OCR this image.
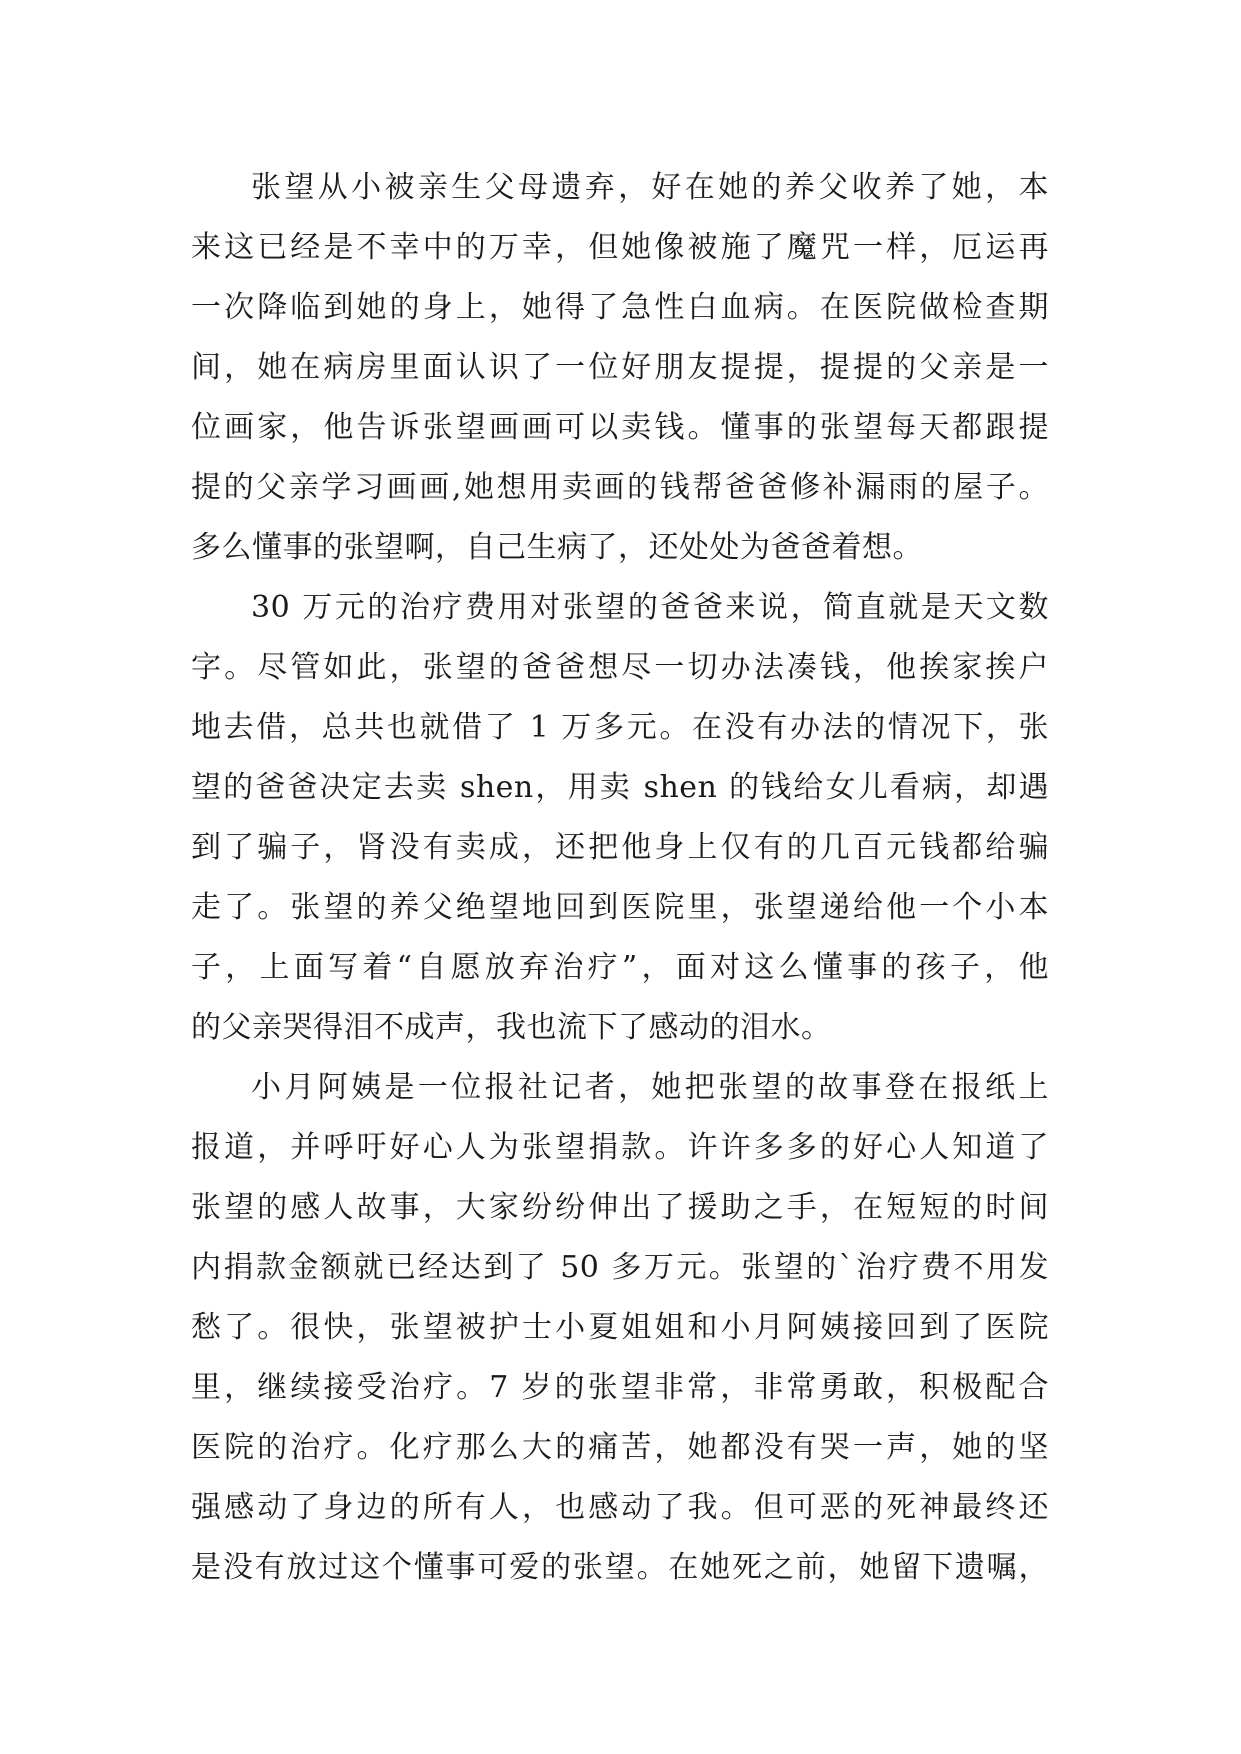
张望从小被亲生父母遗弃，好在她的养父收养了她，本
来这已经是不幸中的万幸，但她像被施了魔咒一样，厄运再
一次降临到她的身上，她得了急性白血病。在医院做检查期
间，她在病房里面认识了一位好朋友提提，提提的父亲是一
位画家，他告诉张望画画可以卖钱。懂事的张望每天都跟提
提的父亲学习画画,她想用卖画的钱帮爸爸修补漏雨的屋子。
多么懂事的张望啊，自己生病了，还处处为爸爸着想。
30 万元的治疗费用对张望的爸爸来说，简直就是天文数
字。尽管如此，张望的爸爸想尽一切办法凑钱，他挨家挨户
地去借，总共也就借了 1 万多元。在没有办法的情况下，张
望的爸爸决定去卖 shen，用卖 shen 的钱给女儿看病，却遇
到了骗子，肾没有卖成，还把他身上仅有的几百元钱都给骗
走了。张望的养父绝望地回到医院里，张望递给他一个小本
子，上面写着“自愿放弃治疗”，面对这么懂事的孩子，他
的父亲哭得泪不成声，我也流下了感动的泪水。
小月阿姨是一位报社记者，她把张望的故事登在报纸上
报道，并呼吁好心人为张望捐款。许许多多的好心人知道了
张望的感人故事，大家纷纷伸出了援助之手，在短短的时间
内捐款金额就已经达到了 50 多万元。张望的`治疗费不用发
愁了。很快，张望被护士小夏姐姐和小月阿姨接回到了医院
里，继续接受治疗。7 岁的张望非常，非常勇敢，积极配合
医院的治疗。化疗那么大的痛苦，她都没有哭一声，她的坚
强感动了身边的所有人，也感动了我。但可恶的死神最终还
是没有放过这个懂事可爱的张望。在她死之前，她留下遗嘱，
